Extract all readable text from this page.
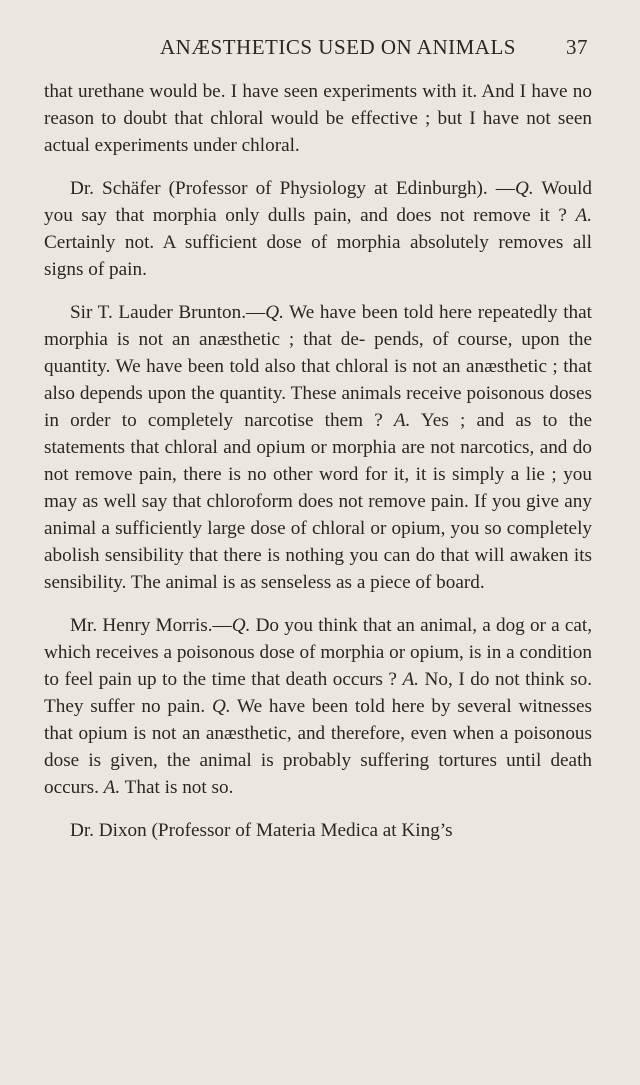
ANÆSTHETICS USED ON ANIMALS 37

that urethane would be. I have seen experiments with it. And I have no reason to doubt that chloral would be effective ; but I have not seen actual experiments under chloral.

Dr. Schäfer (Professor of Physiology at Edinburgh). —Q. Would you say that morphia only dulls pain, and does not remove it ? A. Certainly not. A sufficient dose of morphia absolutely removes all signs of pain.

Sir T. Lauder Brunton.—Q. We have been told here repeatedly that morphia is not an anæsthetic ; that de- pends, of course, upon the quantity. We have been told also that chloral is not an anæsthetic ; that also depends upon the quantity. These animals receive poisonous doses in order to completely narcotise them ? A. Yes ; and as to the statements that chloral and opium or morphia are not narcotics, and do not remove pain, there is no other word for it, it is simply a lie ; you may as well say that chloroform does not remove pain. If you give any animal a sufficiently large dose of chloral or opium, you so completely abolish sensibility that there is nothing you can do that will awaken its sensibility. The animal is as senseless as a piece of board.

Mr. Henry Morris.—Q. Do you think that an animal, a dog or a cat, which receives a poisonous dose of morphia or opium, is in a condition to feel pain up to the time that death occurs ? A. No, I do not think so. They suffer no pain. Q. We have been told here by several witnesses that opium is not an anæsthetic, and therefore, even when a poisonous dose is given, the animal is probably suffering tortures until death occurs. A. That is not so.

Dr. Dixon (Professor of Materia Medica at King’s
